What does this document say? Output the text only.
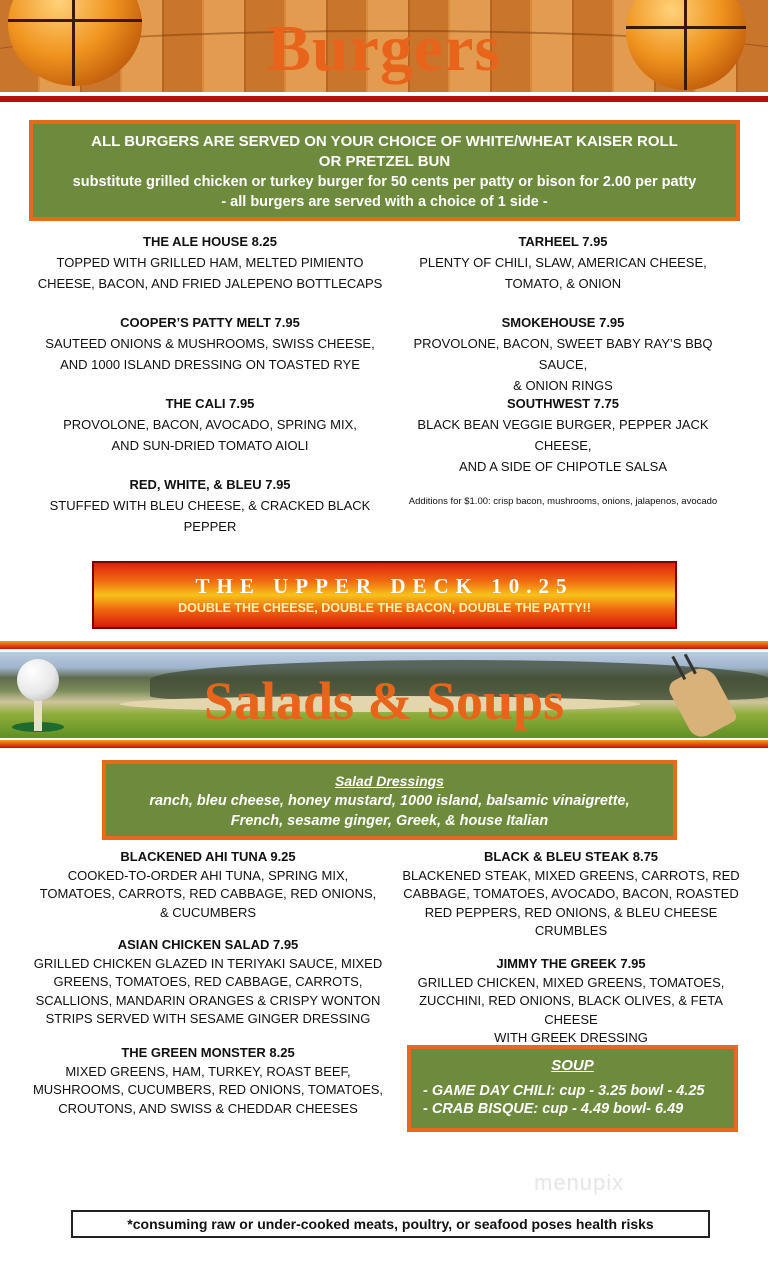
Burgers
ALL BURGERS ARE SERVED ON YOUR CHOICE OF WHITE/WHEAT KAISER ROLL
OR PRETZEL BUN
substitute grilled chicken or turkey burger for 50 cents per patty or bison for 2.00 per patty
- all burgers are served with a choice of 1 side -
THE ALE HOUSE 8.25
TOPPED WITH GRILLED HAM, MELTED PIMIENTO
CHEESE, BACON, AND FRIED JALEPENO BOTTLECAPS
COOPER’S PATTY MELT 7.95
SAUTEED ONIONS & MUSHROOMS, SWISS CHEESE,
AND 1000 ISLAND DRESSING ON TOASTED RYE
THE CALI 7.95
PROVOLONE, BACON, AVOCADO, SPRING MIX,
AND SUN-DRIED TOMATO AIOLI
RED, WHITE, & BLEU 7.95
STUFFED WITH BLEU CHEESE, & CRACKED BLACK PEPPER
TARHEEL 7.95
PLENTY OF CHILI, SLAW, AMERICAN CHEESE,
TOMATO, & ONION
SMOKEHOUSE 7.95
PROVOLONE, BACON, SWEET BABY RAY’S BBQ SAUCE,
& ONION RINGS
SOUTHWEST 7.75
BLACK BEAN VEGGIE BURGER, PEPPER JACK CHEESE,
AND A SIDE OF CHIPOTLE SALSA
Additions for $1.00: crisp bacon, mushrooms, onions, jalapenos, avocado
THE UPPER DECK 10.25
DOUBLE THE CHEESE, DOUBLE THE BACON, DOUBLE THE PATTY!!
Salads & Soups
Salad Dressings
ranch, bleu cheese, honey mustard, 1000 island, balsamic vinaigrette,
French, sesame ginger, Greek, & house Italian
BLACKENED AHI TUNA 9.25
COOKED-TO-ORDER AHI TUNA, SPRING MIX,
TOMATOES, CARROTS, RED CABBAGE, RED ONIONS,
& CUCUMBERS
ASIAN CHICKEN SALAD 7.95
GRILLED CHICKEN GLAZED IN TERIYAKI SAUCE, MIXED
GREENS, TOMATOES, RED CABBAGE, CARROTS,
SCALLIONS, MANDARIN ORANGES & CRISPY WONTON
STRIPS SERVED WITH SESAME GINGER DRESSING
THE GREEN MONSTER 8.25
MIXED GREENS, HAM, TURKEY, ROAST BEEF,
MUSHROOMS, CUCUMBERS, RED ONIONS, TOMATOES,
CROUTONS, AND SWISS & CHEDDAR CHEESES
BLACK & BLEU STEAK 8.75
BLACKENED STEAK, MIXED GREENS, CARROTS, RED
CABBAGE, TOMATOES, AVOCADO, BACON, ROASTED
RED PEPPERS, RED ONIONS, & BLEU CHEESE
CRUMBLES
JIMMY THE GREEK 7.95
GRILLED CHICKEN, MIXED GREENS, TOMATOES,
ZUCCHINI, RED ONIONS, BLACK OLIVES, & FETA CHEESE
WITH GREEK DRESSING
SOUP
- GAME DAY CHILI: cup - 3.25 bowl - 4.25
- CRAB BISQUE: cup - 4.49 bowl- 6.49
menupix
*consuming raw or under-cooked meats, poultry, or seafood poses health risks
